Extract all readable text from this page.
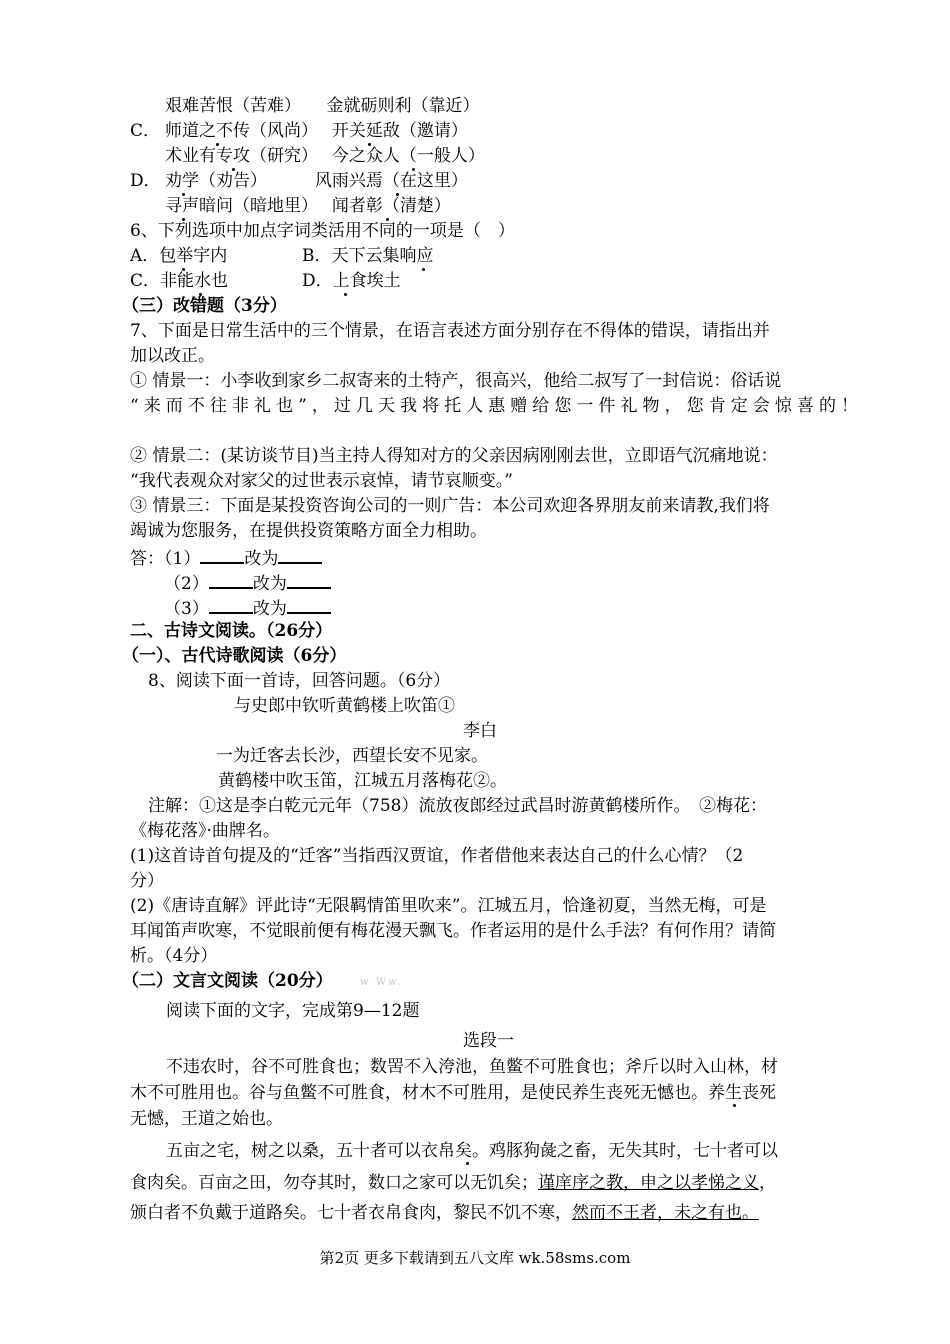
艰难苦恨（苦难）　　金就砺则利（靠近）
C． 师道之不传（风尚）　 开关延敌（邀请）
术业有专攻（研究）　 今之众人（一般人）
D． 劝学（劝告）　　　 风雨兴焉（在这里）
寻声暗问（暗地里）　 闻者彰（清楚）
6、下列选项中加点字词类活用不同的一项是（　）
A．包举宇内	B．天下云集响应
C．非能水也	D．上食埃土
（三）改错题（3分）
7、下面是日常生活中的三个情景，在语言表述方面分别存在不得体的错误，请指出并
加以改正。
① 情景一：小李收到家乡二叔寄来的土特产，很高兴，他给二叔写了一封信说：俗话说
“来而不往非礼也”，过几天我将托人惠赠给您一件礼物，您肯定会惊喜的！
② 情景二：(某访谈节目)当主持人得知对方的父亲因病刚刚去世，立即语气沉痛地说：
“我代表观众对家父的过世表示哀悼，请节哀顺变。”
③ 情景三：下面是某投资咨询公司的一则广告：本公司欢迎各界朋友前来请教,我们将
竭诚为您服务，在提供投资策略方面全力相助。
答：（1）	改为
（2）	改为
（3）	改为
二、古诗文阅读。（26分）
（一）、古代诗歌阅读（6分）
8、阅读下面一首诗，回答问题。（6分）
与史郎中钦听黄鹤楼上吹笛①
李白
一为迁客去长沙，西望长安不见家。
黄鹤楼中吹玉笛，江城五月落梅花②。
注解：①这是李白乾元元年（758）流放夜郎经过武昌时游黄鹤楼所作。　②梅花：
《梅花落》·曲牌名。
(1)这首诗首句提及的“迁客”当指西汉贾谊，作者借他来表达自己的什么心情？（2
分）
(2)《唐诗直解》评此诗“无限羁情笛里吹来”。江城五月，恰逢初夏，当然无梅，可是
耳闻笛声吹寒，不觉眼前便有梅花漫天飘飞。作者运用的是什么手法？有何作用？请简
析。（4分）
（二）文言文阅读（20分）	w Ww.
阅读下面的文字，完成第9—12题
选段一
不违农时，谷不可胜食也；数罟不入洿池，鱼鳖不可胜食也；斧斤以时入山林，材
木不可胜用也。谷与鱼鳖不可胜食，材木不可胜用，是使民养生丧死无憾也。养生丧死
无憾，王道之始也。
五亩之宅，树之以桑，五十者可以衣帛矣。鸡豚狗彘之畜，无失其时，七十者可以
食肉矣。百亩之田，勿夺其时，数口之家可以无饥矣；谨庠序之教，申之以孝悌之义，
颁白者不负戴于道路矣。七十者衣帛食肉，黎民不饥不寒，然而不王者，未之有也。
第2页 更多下载请到五八文库 wk.58sms.com
